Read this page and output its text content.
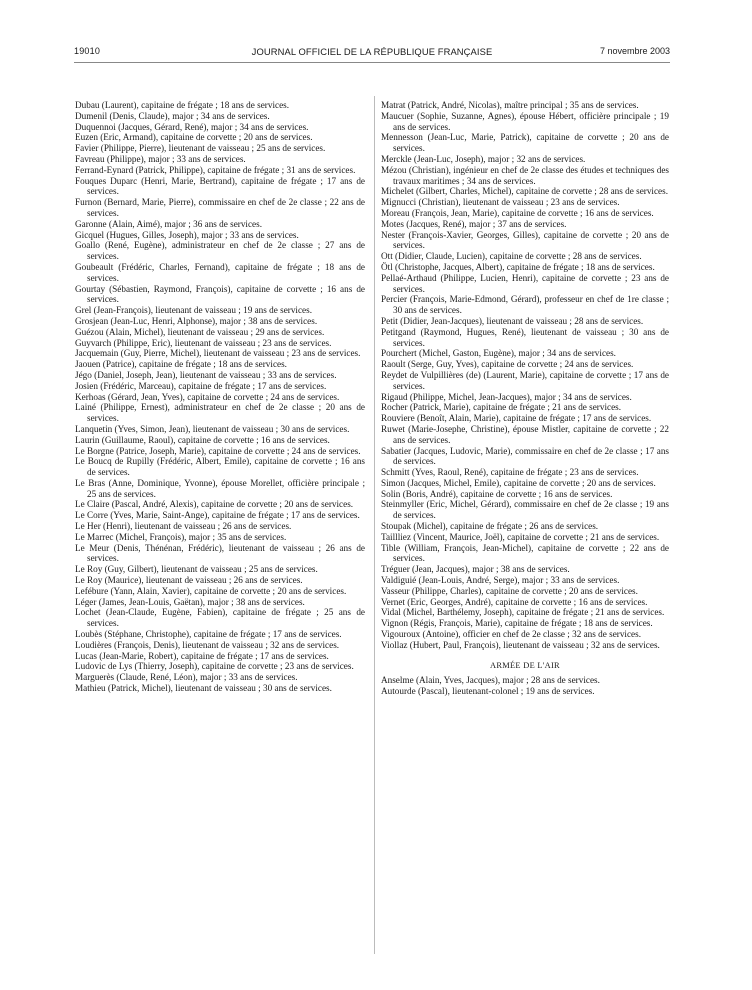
19010	JOURNAL OFFICIEL DE LA RÉPUBLIQUE FRANÇAISE	7 novembre 2003

Dubau (Laurent), capitaine de frégate ; 18 ans de services.

Dumenil (Denis, Claude), major ; 34 ans de services.

Duquennoi (Jacques, Gérard, René), major ; 34 ans de services.

Euzen (Eric, Armand), capitaine de corvette ; 20 ans de services.

Favier (Philippe, Pierre), lieutenant de vaisseau ; 25 ans de services.

Favreau (Philippe), major ; 33 ans de services.

Ferrand-Eynard (Patrick, Philippe), capitaine de frégate ; 31 ans de services.

Fouques Duparc (Henri, Marie, Bertrand), capitaine de frégate ; 17 ans de services.

Furnon (Bernard, Marie, Pierre), commissaire en chef de 2e classe ; 22 ans de services.

Garonne (Alain, Aimé), major ; 36 ans de services.

Gicquel (Hugues, Gilles, Joseph), major ; 33 ans de services.

Goallo (René, Eugène), administrateur en chef de 2e classe ; 27 ans de services.

Goubeault (Frédéric, Charles, Fernand), capitaine de frégate ; 18 ans de services.

Gourtay (Sébastien, Raymond, François), capitaine de corvette ; 16 ans de services.

Grel (Jean-François), lieutenant de vaisseau ; 19 ans de services.

Grosjean (Jean-Luc, Henri, Alphonse), major ; 38 ans de services.

Guézou (Alain, Michel), lieutenant de vaisseau ; 29 ans de services.

Guyvarch (Philippe, Eric), lieutenant de vaisseau ; 23 ans de services.

Jacquemain (Guy, Pierre, Michel), lieutenant de vaisseau ; 23 ans de services.

Jaouen (Patrice), capitaine de frégate ; 18 ans de services.

Jégo (Daniel, Joseph, Jean), lieutenant de vaisseau ; 33 ans de services.

Josien (Frédéric, Marceau), capitaine de frégate ; 17 ans de services.

Kerhoas (Gérard, Jean, Yves), capitaine de corvette ; 24 ans de services.

Lainé (Philippe, Ernest), administrateur en chef de 2e classe ; 20 ans de services.

Lanquetin (Yves, Simon, Jean), lieutenant de vaisseau ; 30 ans de services.

Laurin (Guillaume, Raoul), capitaine de corvette ; 16 ans de services.

Le Borgne (Patrice, Joseph, Marie), capitaine de corvette ; 24 ans de services.

Le Boucq de Rupilly (Frédéric, Albert, Emile), capitaine de corvette ; 16 ans de services.

Le Bras (Anne, Dominique, Yvonne), épouse Morellet, officière principale ; 25 ans de services.

Le Claire (Pascal, André, Alexis), capitaine de corvette ; 20 ans de services.

Le Corre (Yves, Marie, Saint-Ange), capitaine de frégate ; 17 ans de services.

Le Her (Henri), lieutenant de vaisseau ; 26 ans de services.

Le Marrec (Michel, François), major ; 35 ans de services.

Le Meur (Denis, Thénénan, Frédéric), lieutenant de vaisseau ; 26 ans de services.

Le Roy (Guy, Gilbert), lieutenant de vaisseau ; 25 ans de services.

Le Roy (Maurice), lieutenant de vaisseau ; 26 ans de services.

Lefébure (Yann, Alain, Xavier), capitaine de corvette ; 20 ans de services.

Léger (James, Jean-Louis, Gaëtan), major ; 38 ans de services.

Lochet (Jean-Claude, Eugène, Fabien), capitaine de frégate ; 25 ans de services.

Loubès (Stéphane, Christophe), capitaine de frégate ; 17 ans de services.

Loudières (François, Denis), lieutenant de vaisseau ; 32 ans de services.

Lucas (Jean-Marie, Robert), capitaine de frégate ; 17 ans de services.

Ludovic de Lys (Thierry, Joseph), capitaine de corvette ; 23 ans de services.

Marguerès (Claude, René, Léon), major ; 33 ans de services.

Mathieu (Patrick, Michel), lieutenant de vaisseau ; 30 ans de services.

Matrat (Patrick, André, Nicolas), maître principal ; 35 ans de services.

Maucuer (Sophie, Suzanne, Agnes), épouse Hébert, officière principale ; 19 ans de services.

Mennesson (Jean-Luc, Marie, Patrick), capitaine de corvette ; 20 ans de services.

Merckle (Jean-Luc, Joseph), major ; 32 ans de services.

Mézou (Christian), ingénieur en chef de 2e classe des études et techniques des travaux maritimes ; 34 ans de services.

Michelet (Gilbert, Charles, Michel), capitaine de corvette ; 28 ans de services.

Mignucci (Christian), lieutenant de vaisseau ; 23 ans de services.

Moreau (François, Jean, Marie), capitaine de corvette ; 16 ans de services.

Motes (Jacques, René), major ; 37 ans de services.

Nester (François-Xavier, Georges, Gilles), capitaine de corvette ; 20 ans de services.

Ott (Didier, Claude, Lucien), capitaine de corvette ; 28 ans de services.

Ötl (Christophe, Jacques, Albert), capitaine de frégate ; 18 ans de services.

Pellaé-Arthaud (Philippe, Lucien, Henri), capitaine de corvette ; 23 ans de services.

Percier (François, Marie-Edmond, Gérard), professeur en chef de 1re classe ; 30 ans de services.

Petit (Didier, Jean-Jacques), lieutenant de vaisseau ; 28 ans de services.

Petitgand (Raymond, Hugues, René), lieutenant de vaisseau ; 30 ans de services.

Pourchert (Michel, Gaston, Eugène), major ; 34 ans de services.

Raoult (Serge, Guy, Yves), capitaine de corvette ; 24 ans de services.

Reydet de Vulpillières (de) (Laurent, Marie), capitaine de corvette ; 17 ans de services.

Rigaud (Philippe, Michel, Jean-Jacques), major ; 34 ans de services.

Rocher (Patrick, Marie), capitaine de frégate ; 21 ans de services.

Rouviere (Benoît, Alain, Marie), capitaine de frégate ; 17 ans de services.

Ruwet (Marie-Josephe, Christine), épouse Mistler, capitaine de corvette ; 22 ans de services.

Sabatier (Jacques, Ludovic, Marie), commissaire en chef de 2e classe ; 17 ans de services.

Schmitt (Yves, Raoul, René), capitaine de frégate ; 23 ans de services.

Simon (Jacques, Michel, Emile), capitaine de corvette ; 20 ans de services.

Solin (Boris, André), capitaine de corvette ; 16 ans de services.

Steinmyller (Eric, Michel, Gérard), commissaire en chef de 2e classe ; 19 ans de services.

Stoupak (Michel), capitaine de frégate ; 26 ans de services.

Taillliez (Vincent, Maurice, Joël), capitaine de corvette ; 21 ans de services.

Tible (William, François, Jean-Michel), capitaine de corvette ; 22 ans de services.

Tréguer (Jean, Jacques), major ; 38 ans de services.

Valdiguié (Jean-Louis, André, Serge), major ; 33 ans de services.

Vasseur (Philippe, Charles), capitaine de corvette ; 20 ans de services.

Vernet (Eric, Georges, André), capitaine de corvette ; 16 ans de services.

Vidal (Michel, Barthélemy, Joseph), capitaine de frégate ; 21 ans de services.

Vignon (Régis, François, Marie), capitaine de frégate ; 18 ans de services.

Vigouroux (Antoine), officier en chef de 2e classe ; 32 ans de services.

Viollaz (Hubert, Paul, François), lieutenant de vaisseau ; 32 ans de services.

ARMÉE DE L'AIR

Anselme (Alain, Yves, Jacques), major ; 28 ans de services.

Autourde (Pascal), lieutenant-colonel ; 19 ans de services.
